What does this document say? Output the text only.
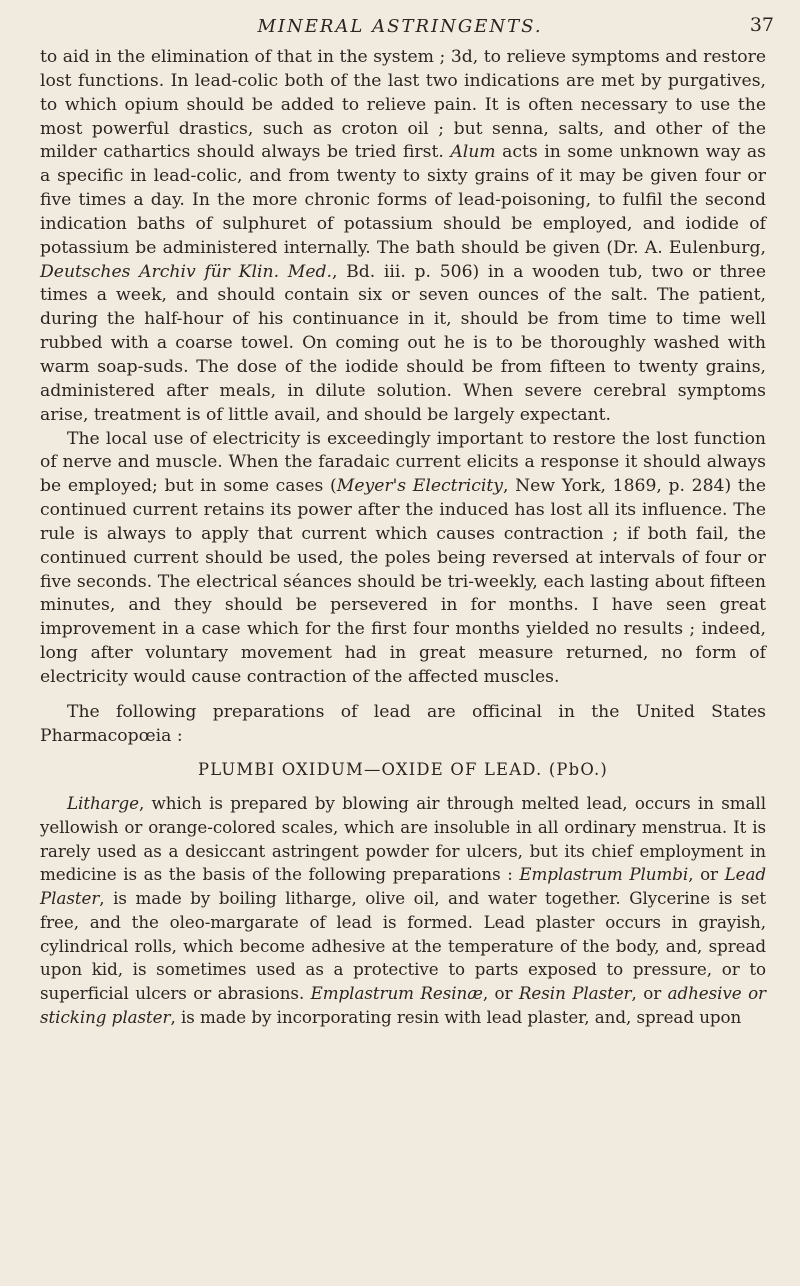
MINERAL ASTRINGENTS.	37

to aid in the elimination of that in the system ; 3d, to relieve symptoms and restore lost functions. In lead-colic both of the last two indications are met by purgatives, to which opium should be added to relieve pain. It is often necessary to use the most powerful drastics, such as croton oil ; but senna, salts, and other of the milder cathartics should always be tried first. Alum acts in some unknown way as a specific in lead-colic, and from twenty to sixty grains of it may be given four or five times a day. In the more chronic forms of lead-poisoning, to fulfil the second indication baths of sulphuret of potassium should be employed, and iodide of potassium be administered internally. The bath should be given (Dr. A. Eulenburg, Deutsches Archiv für Klin. Med., Bd. iii. p. 506) in a wooden tub, two or three times a week, and should contain six or seven ounces of the salt. The patient, during the half-hour of his continuance in it, should be from time to time well rubbed with a coarse towel. On coming out he is to be thoroughly washed with warm soap-suds. The dose of the iodide should be from fifteen to twenty grains, administered after meals, in dilute solution. When severe cerebral symptoms arise, treatment is of little avail, and should be largely expectant.

The local use of electricity is exceedingly important to restore the lost function of nerve and muscle. When the faradaic current elicits a response it should always be employed; but in some cases (Meyer's Electricity, New York, 1869, p. 284) the continued current retains its power after the induced has lost all its influence. The rule is always to apply that current which causes contraction ; if both fail, the continued current should be used, the poles being reversed at intervals of four or five seconds. The electrical séances should be tri-weekly, each lasting about fifteen minutes, and they should be persevered in for months. I have seen great improvement in a case which for the first four months yielded no results ; indeed, long after voluntary movement had in great measure returned, no form of electricity would cause contraction of the affected muscles.

The following preparations of lead are officinal in the United States Pharmacopœia :

PLUMBI OXIDUM—OXIDE OF LEAD. (PbO.)

Litharge, which is prepared by blowing air through melted lead, occurs in small yellowish or orange-colored scales, which are insoluble in all ordinary menstrua. It is rarely used as a desiccant astringent powder for ulcers, but its chief employment in medicine is as the basis of the following preparations : Emplastrum Plumbi, or Lead Plaster, is made by boiling litharge, olive oil, and water together. Glycerine is set free, and the oleo-margarate of lead is formed. Lead plaster occurs in grayish, cylindrical rolls, which become adhesive at the temperature of the body, and, spread upon kid, is sometimes used as a protective to parts exposed to pressure, or to superficial ulcers or abrasions. Emplastrum Resinæ, or Resin Plaster, or adhesive or sticking plaster, is made by incorporating resin with lead plaster, and, spread upon
